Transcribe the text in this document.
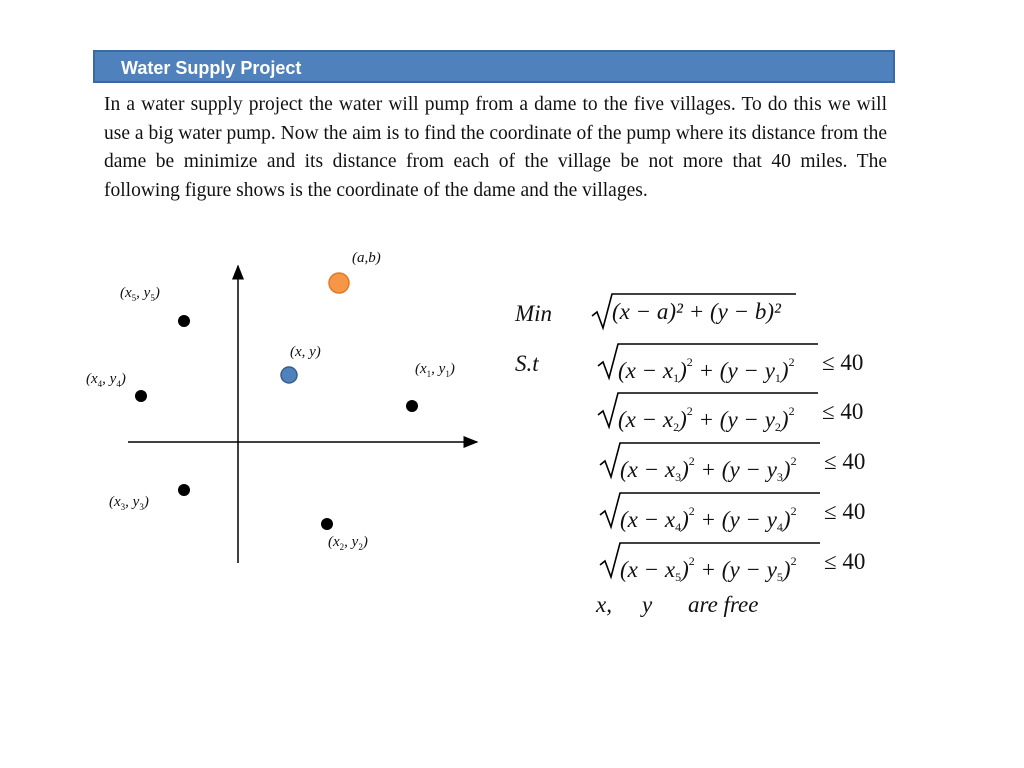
Water Supply Project

In a water supply project the water will pump from a dame to the five villages. To do this we will use a big water pump. Now the aim is to find the coordinate of the pump where its distance from the dame be minimize and its distance from each of the village be not more that 40 miles. The following figure shows is the coordinate of the dame and the villages.

(a,b)
(x, y)
($x_1$, $y_1$)
($x_2$, $y_2$)
($x_3$, $y_3$)
($x_4$, $y_4$)
($x_5$, $y_5$)
Min
S.t
(x − a)² + (y − b)²
$(x - x_1)^2 + (y - y_1)^2 \le 40$
$(x - x_2)^2 + (y - y_2)^2 \le 40$
$(x - x_3)^2 + (y - y_3)^2 \le 40$
$(x - x_4)^2 + (y - y_4)^2 \le 40$
$(x - x_5)^2 + (y - y_5)^2 \le 40$
x, y are free
